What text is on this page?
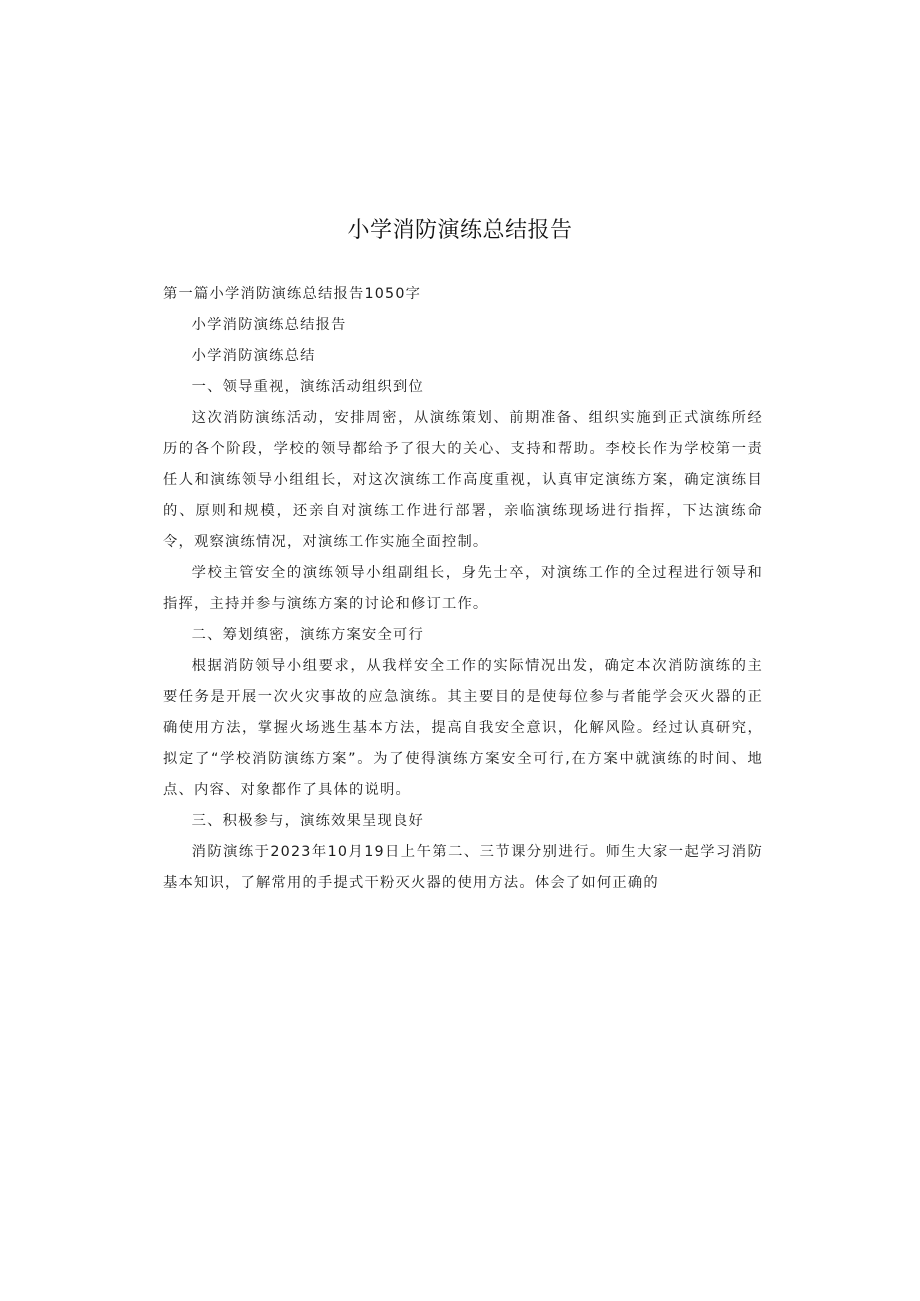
小学消防演练总结报告

第一篇小学消防演练总结报告1050字

小学消防演练总结报告

小学消防演练总结

一、领导重视，演练活动组织到位

这次消防演练活动，安排周密，从演练策划、前期准备、组织实施到正式演练所经历的各个阶段，学校的领导都给予了很大的关心、支持和帮助。李校长作为学校第一责任人和演练领导小组组长，对这次演练工作高度重视，认真审定演练方案，确定演练目的、原则和规模，还亲自对演练工作进行部署，亲临演练现场进行指挥，下达演练命令，观察演练情况，对演练工作实施全面控制。

学校主管安全的演练领导小组副组长，身先士卒，对演练工作的全过程进行领导和指挥，主持并参与演练方案的讨论和修订工作。

二、筹划缜密，演练方案安全可行

根据消防领导小组要求，从我样安全工作的实际情况出发，确定本次消防演练的主要任务是开展一次火灾事故的应急演练。其主要目的是使每位参与者能学会灭火器的正确使用方法，掌握火场逃生基本方法，提高自我安全意识，化解风险。经过认真研究，拟定了“学校消防演练方案”。为了使得演练方案安全可行,在方案中就演练的时间、地点、内容、对象都作了具体的说明。

三、积极参与，演练效果呈现良好

消防演练于2023年10月19日上午第二、三节课分别进行。师生大家一起学习消防基本知识，了解常用的手提式干粉灭火器的使用方法。体会了如何正确的
